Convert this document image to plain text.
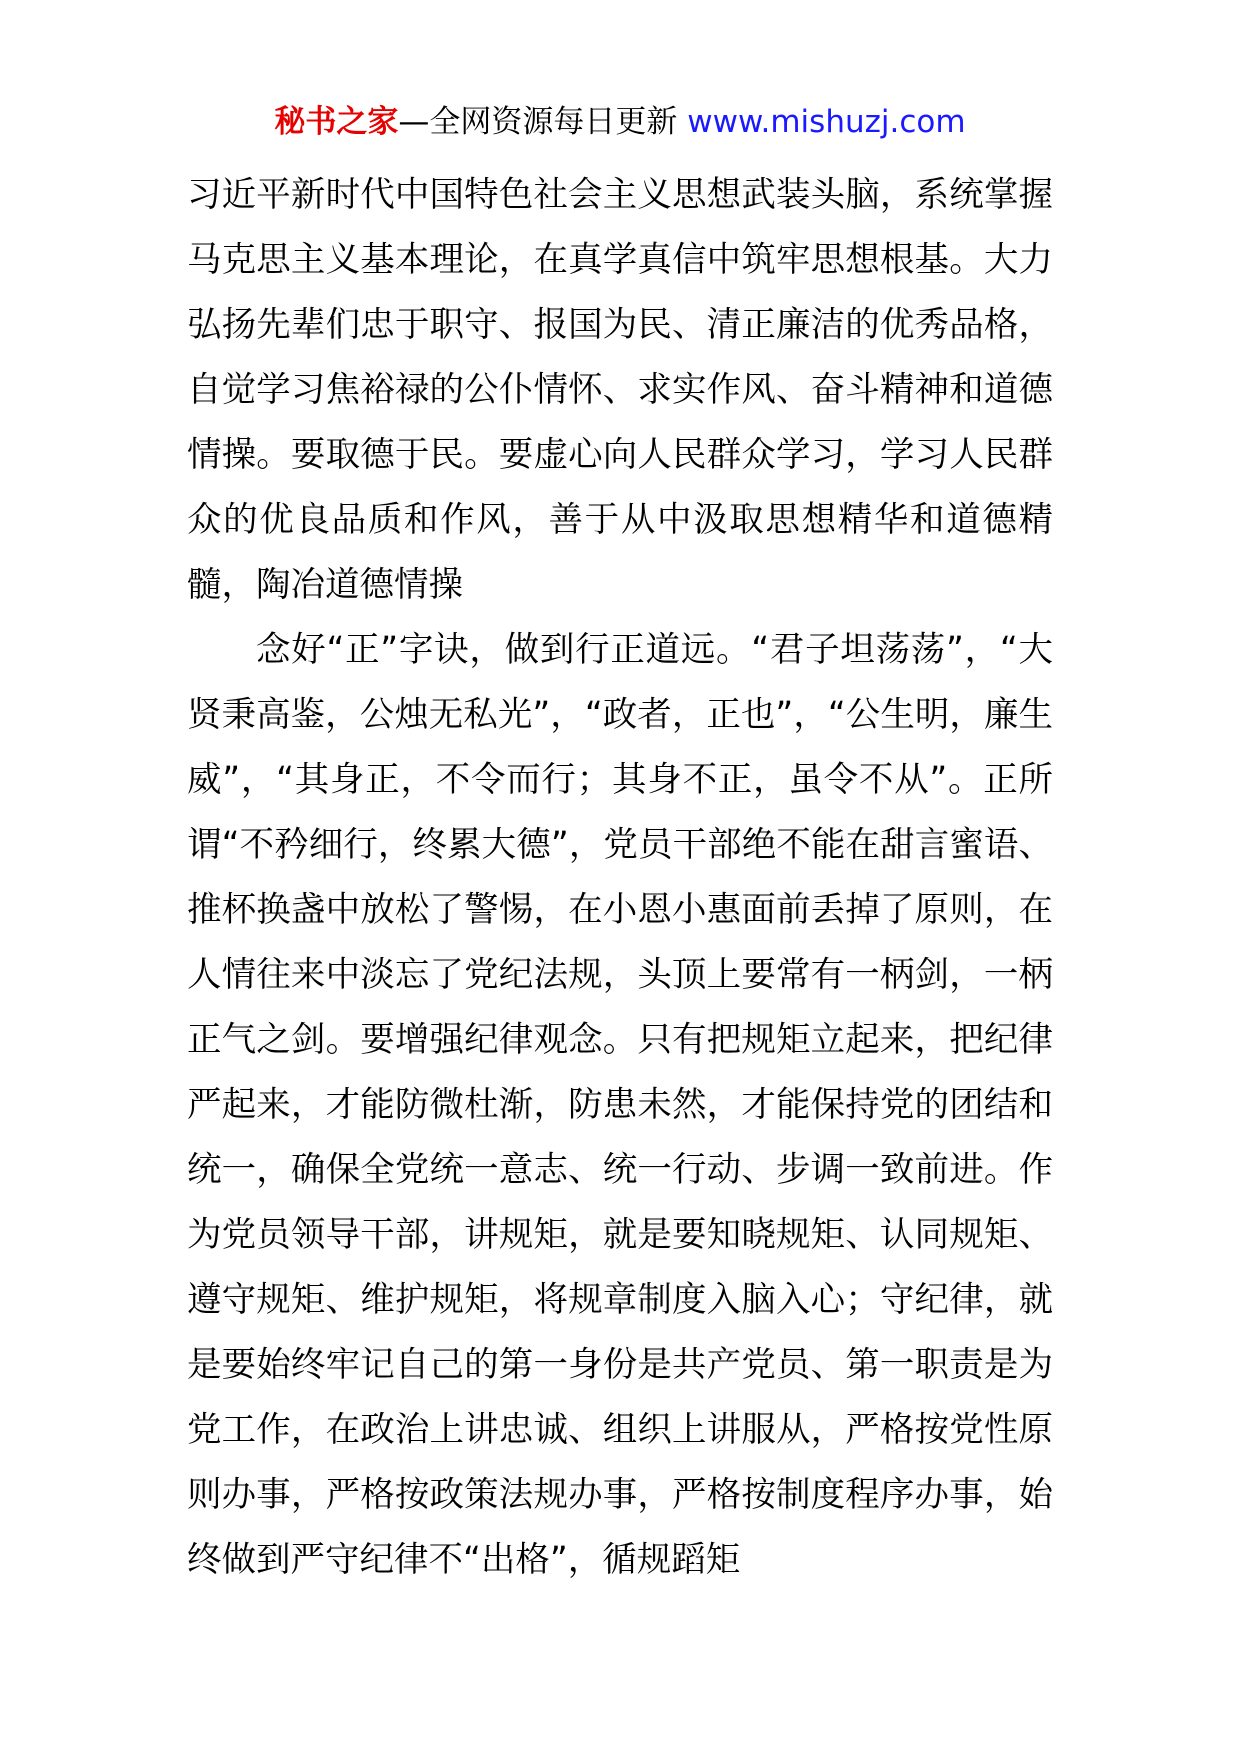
秘书之家—全网资源每日更新 www.mishuzj.com

习近平新时代中国特色社会主义思想武装头脑，系统掌握马克思主义基本理论，在真学真信中筑牢思想根基。大力弘扬先辈们忠于职守、报国为民、清正廉洁的优秀品格，自觉学习焦裕禄的公仆情怀、求实作风、奋斗精神和道德情操。要取德于民。要虚心向人民群众学习，学习人民群众的优良品质和作风，善于从中汲取思想精华和道德精髓，陶冶道德情操

念好“正”字诀，做到行正道远。“君子坦荡荡”，“大贤秉高鉴，公烛无私光”，“政者，正也”，“公生明，廉生威”，“其身正，不令而行；其身不正，虽令不从”。正所谓“不矜细行，终累大德”，党员干部绝不能在甜言蜜语、推杯换盏中放松了警惕，在小恩小惠面前丢掉了原则，在人情往来中淡忘了党纪法规，头顶上要常有一柄剑，一柄正气之剑。要增强纪律观念。只有把规矩立起来，把纪律严起来，才能防微杜渐，防患未然，才能保持党的团结和统一，确保全党统一意志、统一行动、步调一致前进。作为党员领导干部，讲规矩，就是要知晓规矩、认同规矩、遵守规矩、维护规矩，将规章制度入脑入心；守纪律，就是要始终牢记自己的第一身份是共产党员、第一职责是为党工作，在政治上讲忠诚、组织上讲服从，严格按党性原则办事，严格按政策法规办事，严格按制度程序办事，始终做到严守纪律不“出格”，循规蹈矩
